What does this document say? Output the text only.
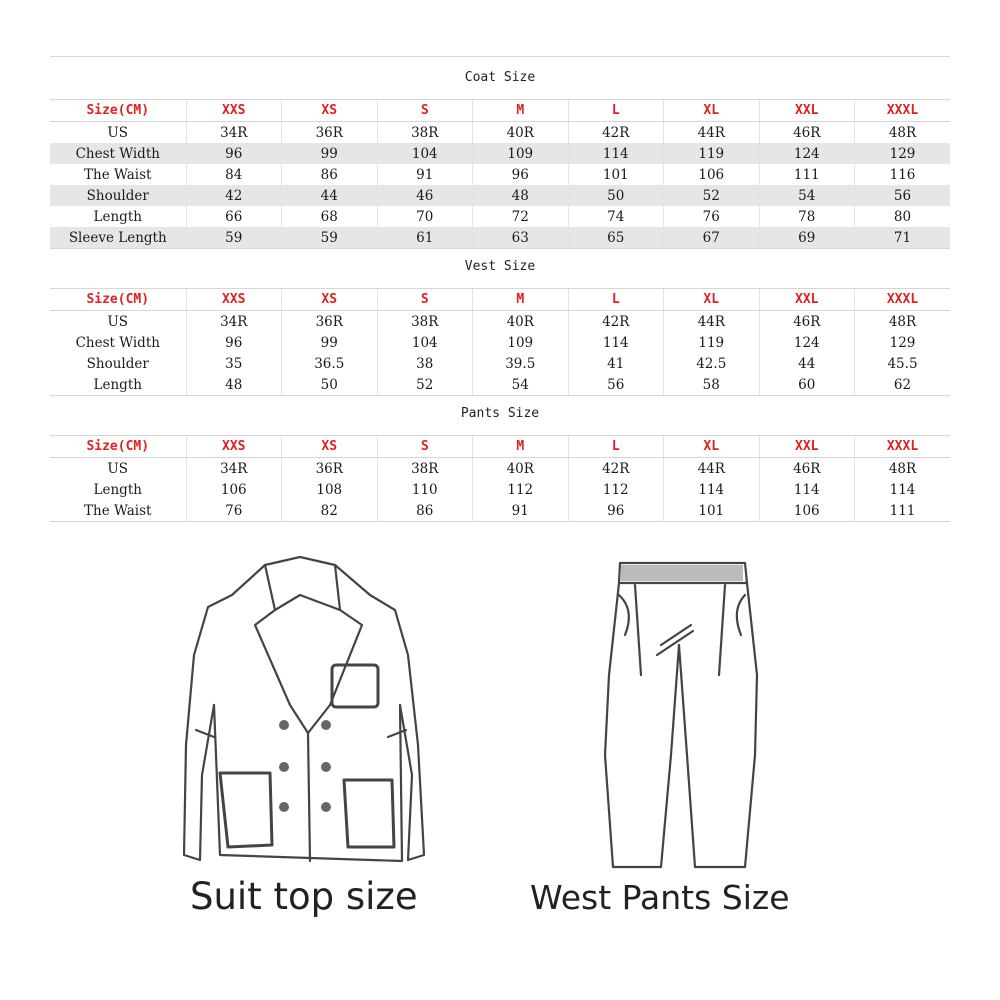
Coat Size
Size(CM)	XXS	XS	S	M	L	XL	XXL	XXXL
US	34R	36R	38R	40R	42R	44R	46R	48R
Chest Width	96	99	104	109	114	119	124	129
The Waist	84	86	91	96	101	106	111	116
Shoulder	42	44	46	48	50	52	54	56
Length	66	68	70	72	74	76	78	80
Sleeve Length	59	59	61	63	65	67	69	71
Vest Size
Size(CM)	XXS	XS	S	M	L	XL	XXL	XXXL
US	34R	36R	38R	40R	42R	44R	46R	48R
Chest Width	96	99	104	109	114	119	124	129
Shoulder	35	36.5	38	39.5	41	42.5	44	45.5
Length	48	50	52	54	56	58	60	62
Pants Size
Size(CM)	XXS	XS	S	M	L	XL	XXL	XXXL
US	34R	36R	38R	40R	42R	44R	46R	48R
Length	106	108	110	112	112	114	114	114
The Waist	76	82	86	91	96	101	106	111
Suit top size	West Pants Size
